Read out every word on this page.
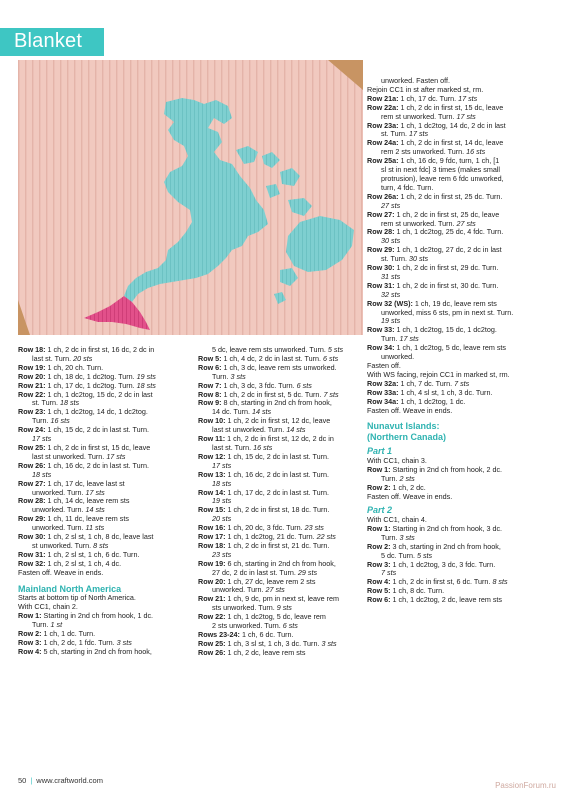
Blanket
Row 18: 1 ch, 2 dc in first st, 16 dc, 2 dc in
last st. Turn. 20 sts
Row 19: 1 ch, 20 ch. Turn.
Row 20: 1 ch, 18 dc, 1 dc2tog. Turn. 19 sts
Row 21: 1 ch, 17 dc, 1 dc2tog. Turn. 18 sts
Row 22: 1 ch, 1 dc2tog, 15 dc, 2 dc in last
st. Turn. 18 sts
Row 23: 1 ch, 1 dc2tog, 14 dc, 1 dc2tog.
Turn. 16 sts
Row 24: 1 ch, 15 dc, 2 dc in last st. Turn.
17 sts
Row 25: 1 ch, 2 dc in first st, 15 dc, leave
last st unworked. Turn. 17 sts
Row 26: 1 ch, 16 dc, 2 dc in last st. Turn.
18 sts
Row 27: 1 ch, 17 dc, leave last st
unworked. Turn. 17 sts
Row 28: 1 ch, 14 dc, leave rem sts
unworked. Turn. 14 sts
Row 29: 1 ch, 11 dc, leave rem sts
unworked. Turn. 11 sts
Row 30: 1 ch, 2 sl st, 1 ch, 8 dc, leave last
st unworked. Turn. 8 sts
Row 31: 1 ch, 2 sl st, 1 ch, 6 dc. Turn.
Row 32: 1 ch, 2 sl st, 1 ch, 4 dc.
Fasten off. Weave in ends.
Mainland North America
Starts at bottom tip of North America.
With CC1, chain 2.
Row 1: Starting in 2nd ch from hook, 1 dc.
Turn. 1 st
Row 2: 1 ch, 1 dc. Turn.
Row 3: 1 ch, 2 dc, 1 fdc. Turn. 3 sts
Row 4: 5 ch, starting in 2nd ch from hook,
5 dc, leave rem sts unworked. Turn. 5 sts
Row 5: 1 ch, 4 dc, 2 dc in last st. Turn. 6 sts
Row 6: 1 ch, 3 dc, leave rem sts unworked.
Turn. 3 sts
Row 7: 1 ch, 3 dc, 3 fdc. Turn. 6 sts
Row 8: 1 ch, 2 dc in first st, 5 dc. Turn. 7 sts
Row 9: 8 ch, starting in 2nd ch from hook,
14 dc. Turn. 14 sts
Row 10: 1 ch, 2 dc in first st, 12 dc, leave
last st unworked. Turn. 14 sts
Row 11: 1 ch, 2 dc in first st, 12 dc, 2 dc in
last st. Turn. 16 sts
Row 12: 1 ch, 15 dc, 2 dc in last st. Turn.
17 sts
Row 13: 1 ch, 16 dc, 2 dc in last st. Turn.
18 sts
Row 14: 1 ch, 17 dc, 2 dc in last st. Turn.
19 sts
Row 15: 1 ch, 2 dc in first st, 18 dc. Turn.
20 sts
Row 16: 1 ch, 20 dc, 3 fdc. Turn. 23 sts
Row 17: 1 ch, 1 dc2tog, 21 dc. Turn. 22 sts
Row 18: 1 ch, 2 dc in first st, 21 dc. Turn.
23 sts
Row 19: 6 ch, starting in 2nd ch from hook,
27 dc, 2 dc in last st. Turn. 29 sts
Row 20: 1 ch, 27 dc, leave rem 2 sts
unworked. Turn. 27 sts
Row 21: 1 ch, 9 dc, pm in next st, leave rem
sts unworked. Turn. 9 sts
Row 22: 1 ch, 1 dc2tog, 5 dc, leave rem
2 sts unworked. Turn. 6 sts
Rows 23-24: 1 ch, 6 dc. Turn.
Row 25: 1 ch, 3 sl st, 1 ch, 3 dc. Turn. 3 sts
Row 26: 1 ch, 2 dc, leave rem sts
unworked. Fasten off.
Rejoin CC1 in st after marked st, rm.
Row 21a: 1 ch, 17 dc. Turn. 17 sts
Row 22a: 1 ch, 2 dc in first st, 15 dc, leave
rem st unworked. Turn. 17 sts
Row 23a: 1 ch, 1 dc2tog, 14 dc, 2 dc in last
st. Turn. 17 sts
Row 24a: 1 ch, 2 dc in first st, 14 dc, leave
rem 2 sts unworked. Turn. 16 sts
Row 25a: 1 ch, 16 dc, 9 fdc, turn, 1 ch, [1
sl st in next fdc] 3 times (makes small
protrusion), leave rem 6 fdc unworked,
turn, 4 fdc. Turn.
Row 26a: 1 ch, 2 dc in first st, 25 dc. Turn.
27 sts
Row 27: 1 ch, 2 dc in first st, 25 dc, leave
rem st unworked. Turn. 27 sts
Row 28: 1 ch, 1 dc2tog, 25 dc, 4 fdc. Turn.
30 sts
Row 29: 1 ch, 1 dc2tog, 27 dc, 2 dc in last
st. Turn. 30 sts
Row 30: 1 ch, 2 dc in first st, 29 dc. Turn.
31 sts
Row 31: 1 ch, 2 dc in first st, 30 dc. Turn.
32 sts
Row 32 (WS): 1 ch, 19 dc, leave rem sts
unworked, miss 6 sts, pm in next st. Turn.
19 sts
Row 33: 1 ch, 1 dc2tog, 15 dc, 1 dc2tog.
Turn. 17 sts
Row 34: 1 ch, 1 dc2tog, 5 dc, leave rem sts
unworked.
Fasten off.
With WS facing, rejoin CC1 in marked st, rm.
Row 32a: 1 ch, 7 dc. Turn. 7 sts
Row 33a: 1 ch, 4 sl st, 1 ch, 3 dc. Turn.
Row 34a: 1 ch, 1 dc2tog, 1 dc.
Fasten off. Weave in ends.
Nunavut Islands:
(Northern Canada)
Part 1
With CC1, chain 3.
Row 1: Starting in 2nd ch from hook, 2 dc.
Turn. 2 sts
Row 2: 1 ch, 2 dc.
Fasten off. Weave in ends.
Part 2
With CC1, chain 4.
Row 1: Starting in 2nd ch from hook, 3 dc.
Turn. 3 sts
Row 2: 3 ch, starting in 2nd ch from hook,
5 dc. Turn. 5 sts
Row 3: 1 ch, 1 dc2tog, 3 dc, 3 fdc. Turn.
7 sts
Row 4: 1 ch, 2 dc in first st, 6 dc. Turn. 8 sts
Row 5: 1 ch, 8 dc. Turn.
Row 6: 1 ch, 1 dc2tog, 2 dc, leave rem sts
50 | www.craftworld.com
PassionForum.ru
